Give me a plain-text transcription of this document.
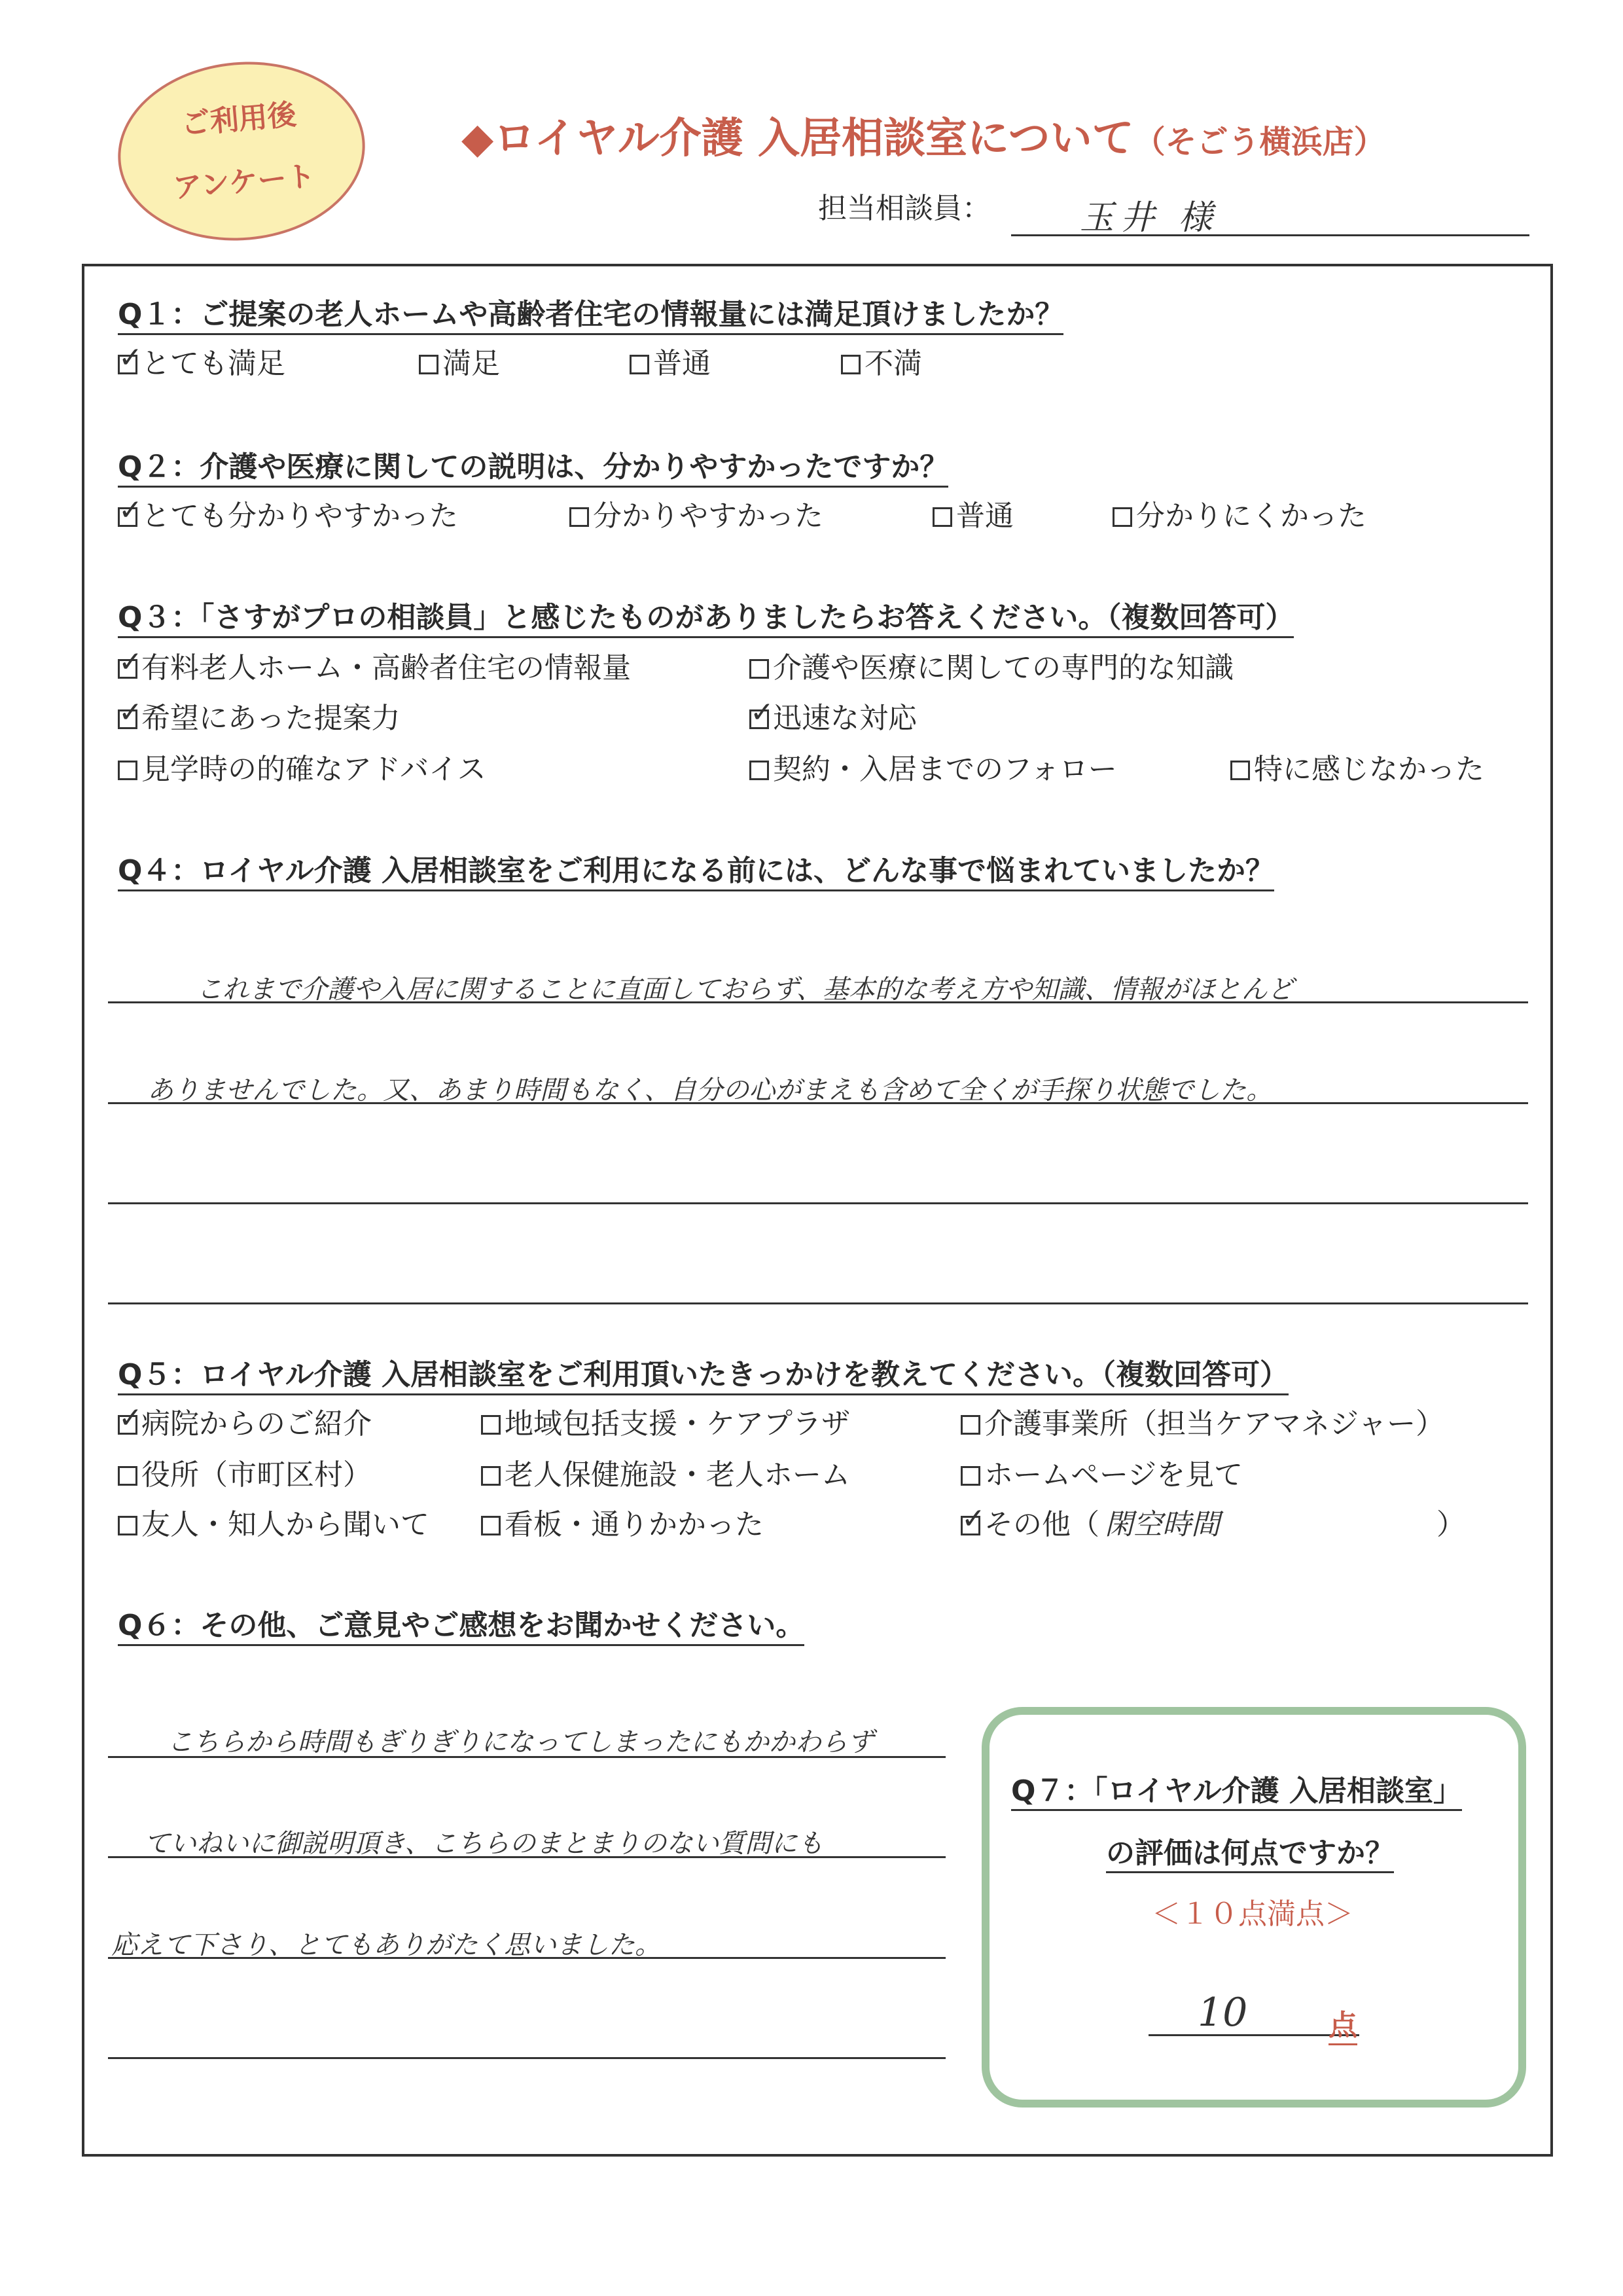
ご利用後
アンケート
◆ロイヤル介護 入居相談室について（そごう横浜店）
担当相談員：	玉井 様
Q１：ご提案の老人ホームや高齢者住宅の情報量には満足頂けましたか？
✓とても満足	満足	普通	不満
Q２：介護や医療に関しての説明は、分かりやすかったですか？
✓とても分かりやすかった	分かりやすかった	普通	分かりにくかった
Q３：「さすがプロの相談員」と感じたものがありましたらお答えください。（複数回答可）
✓有料老人ホーム・高齢者住宅の情報量	介護や医療に関しての専門的な知識
✓希望にあった提案力 ✓	迅速な対応
見学時の的確なアドバイス	契約・入居までのフォロー	特に感じなかった
Q４：ロイヤル介護 入居相談室をご利用になる前には、どんな事で悩まれていましたか？
これまで介護や入居に関することに直面しておらず、基本的な考え方や知識、情報がほとんど
ありませんでした。又、あまり時間もなく、自分の心がまえも含めて全くが手探り状態でした。
Q５：ロイヤル介護 入居相談室をご利用頂いたきっかけを教えてください。（複数回答可）
✓病院からのご紹介	地域包括支援・ケアプラザ	介護事業所（担当ケアマネジャー）
役所（市町区村）	老人保健施設・老人ホーム	ホームページを見て
友人・知人から聞いて	看板・通りかかった ✓	その他（ 閑空時間	）
Q６：その他、ご意見やご感想をお聞かせください。
こちらから時間もぎりぎりになってしまったにもかかわらず
ていねいに御説明頂き、こちらのまとまりのない質問にも
応えて下さり、とてもありがたく思いました。
Q７：「ロイヤル介護 入居相談室」
の評価は何点ですか？
＜１０点満点＞
10	点
